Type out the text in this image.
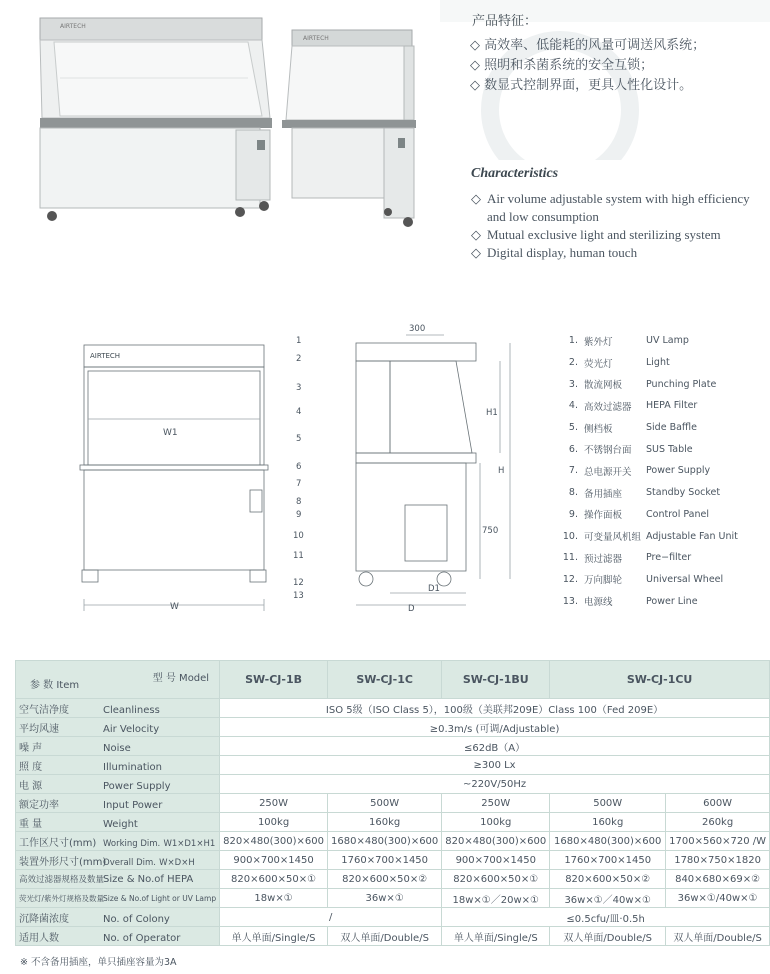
AIRTECH
AIRTECH
产品特征：
◇ 高效率、低能耗的风量可调送风系统；
◇ 照明和杀菌系统的安全互锁；
◇ 数显式控制界面，更具人性化设计。
Characteristics
◇ Air volume adjustable system with high efficiency and low consumption
◇ Mutual exclusive light and sterilizing system
◇ Digital display, human touch
AIRTECH
W1
W
1
2
3
4
5
6
7
8
9
10
11
12
13
300
H1
H
750
D1
D
1. 紫外灯	UV Lamp
2. 荧光灯	Light
3. 散流网板	Punching Plate
4. 高效过滤器	HEPA Filter
5. 侧档板	Side Baffle
6. 不锈钢台面	SUS Table
7. 总电源开关	Power Supply
8. 备用插座	Standby Socket
9. 操作面板	Control Panel
10. 可变量风机组 Adjustable Fan Unit
11. 预过滤器	Pre−filter
12. 万向脚轮	Universal Wheel
13. 电源线	Power Line
型 号 Model
参 数 Item	SW-CJ-1B	SW-CJ-1C	SW-CJ-1BU	SW-CJ-1CU	
空气洁净度 Cleanliness	ISO 5级（ISO Class 5），100级（美联邦209E）Class 100（Fed 209E）				
平均风速 Air Velocity	≥0.3m/s (可调/Adjustable)				
噪 声 Noise	≤62dB（A）				
照 度 Illumination	≥300 Lx				
电 源 Power Supply	~220V/50Hz				
额定功率 Input Power	250W	500W	250W	500W	600W
重 量 Weight	100kg	160kg	100kg	160kg	260kg
工作区尺寸(mm) Working Dim. W1×D1×H1	820×480(300)×600	1680×480(300)×600	820×480(300)×600	1680×480(300)×600	1700×560×720 /W
装置外形尺寸(mm)Overall Dim. W×D×H	900×700×1450	1760×700×1450	900×700×1450	1760×700×1450	1780×750×1820
高效过滤器规格及数量Size & No.of HEPA	820×600×50×①	820×600×50×②	820×600×50×①	820×600×50×②	840×680×69×②
荧光灯/紫外灯规格及数量Size & No.of Light or UV Lamp	18w×①	36w×①	18w×①／20w×①	36w×①／40w×①	36w×①/40w×①
沉降菌浓度 No. of Colony	/		≤0.5cfu/皿·0.5h		
适用人数 No. of Operator	单人单面/Single/S	双人单面/Double/S	单人单面/Single/S	双人单面/Double/S	双人单面/Double/S
※ 不含备用插座，单只插座容量为3A
